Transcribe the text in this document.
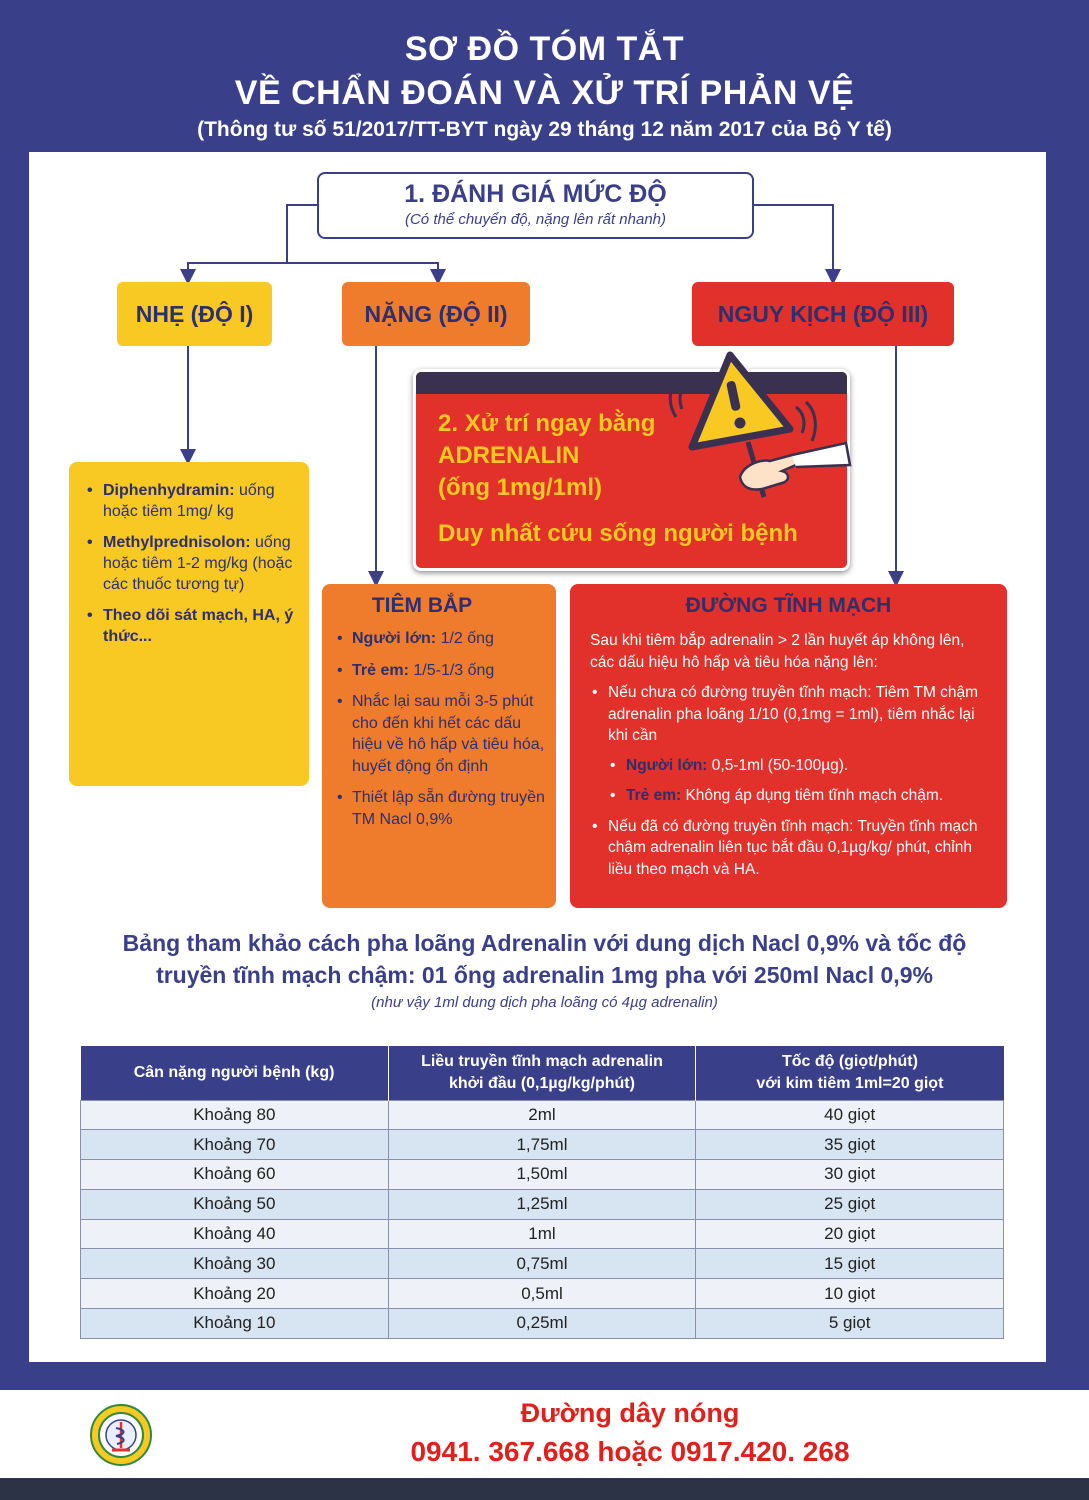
SƠ ĐỒ TÓM TẮT
VỀ CHẨN ĐOÁN VÀ XỬ TRÍ PHẢN VỆ
(Thông tư số 51/2017/TT-BYT ngày 29 tháng 12 năm 2017 của Bộ Y tế)
1. ĐÁNH GIÁ MỨC ĐỘ
(Có thể chuyển độ, nặng lên rất nhanh)
NHẸ (ĐỘ I)	NẶNG (ĐỘ II)	NGUY KỊCH (ĐỘ III)
2. Xử trí ngay bằng
ADRENALIN
(ống 1mg/1ml)
Duy nhất cứu sống người bệnh
• Diphenhydramin: uống hoặc tiêm 1mg/ kg
• Methylprednisolon: uống hoặc tiêm 1-2 mg/kg (hoặc các thuốc tương tự)
• Theo dõi sát mạch, HA, ý thức...
TIÊM BẮP
• Người lớn: 1/2 ống
• Trẻ em: 1/5-1/3 ống
• Nhắc lại sau mỗi 3-5 phút cho đến khi hết các dấu hiệu về hô hấp và tiêu hóa, huyết động ổn định
• Thiết lập sẵn đường truyền TM Nacl 0,9%
ĐƯỜNG TĨNH MẠCH
Sau khi tiêm bắp adrenalin > 2 lần huyết áp không lên, các dấu hiệu hô hấp và tiêu hóa nặng lên:
• Nếu chưa có đường truyền tĩnh mạch: Tiêm TM chậm adrenalin pha loãng 1/10 (0,1mg = 1ml), tiêm nhắc lại khi cần
• Người lớn: 0,5-1ml (50-100µg).
• Trẻ em: Không áp dụng tiêm tĩnh mạch chậm.
• Nếu đã có đường truyền tĩnh mạch: Truyền tĩnh mạch chậm adrenalin liên tục bắt đầu 0,1µg/kg/ phút, chỉnh liều theo mạch và HA.
Bảng tham khảo cách pha loãng Adrenalin với dung dịch Nacl 0,9% và tốc độ
truyền tĩnh mạch chậm: 01 ống adrenalin 1mg pha với 250ml Nacl 0,9%
(như vậy 1ml dung dịch pha loãng có 4µg adrenalin)
Cân nặng người bệnh (kg)	Liều truyền tĩnh mạch adrenalin
khởi đầu (0,1µg/kg/phút)	Tốc độ (giọt/phút)
với kim tiêm 1ml=20 giọt
Khoảng 80	2ml	40 giọt
Khoảng 70	1,75ml	35 giọt
Khoảng 60	1,50ml	30 giọt
Khoảng 50	1,25ml	25 giọt
Khoảng 40	1ml	20 giọt
Khoảng 30	0,75ml	15 giọt
Khoảng 20	0,5ml	10 giọt
Khoảng 10	0,25ml	5 giọt
Đường dây nóng
0941. 367.668 hoặc 0917.420. 268
